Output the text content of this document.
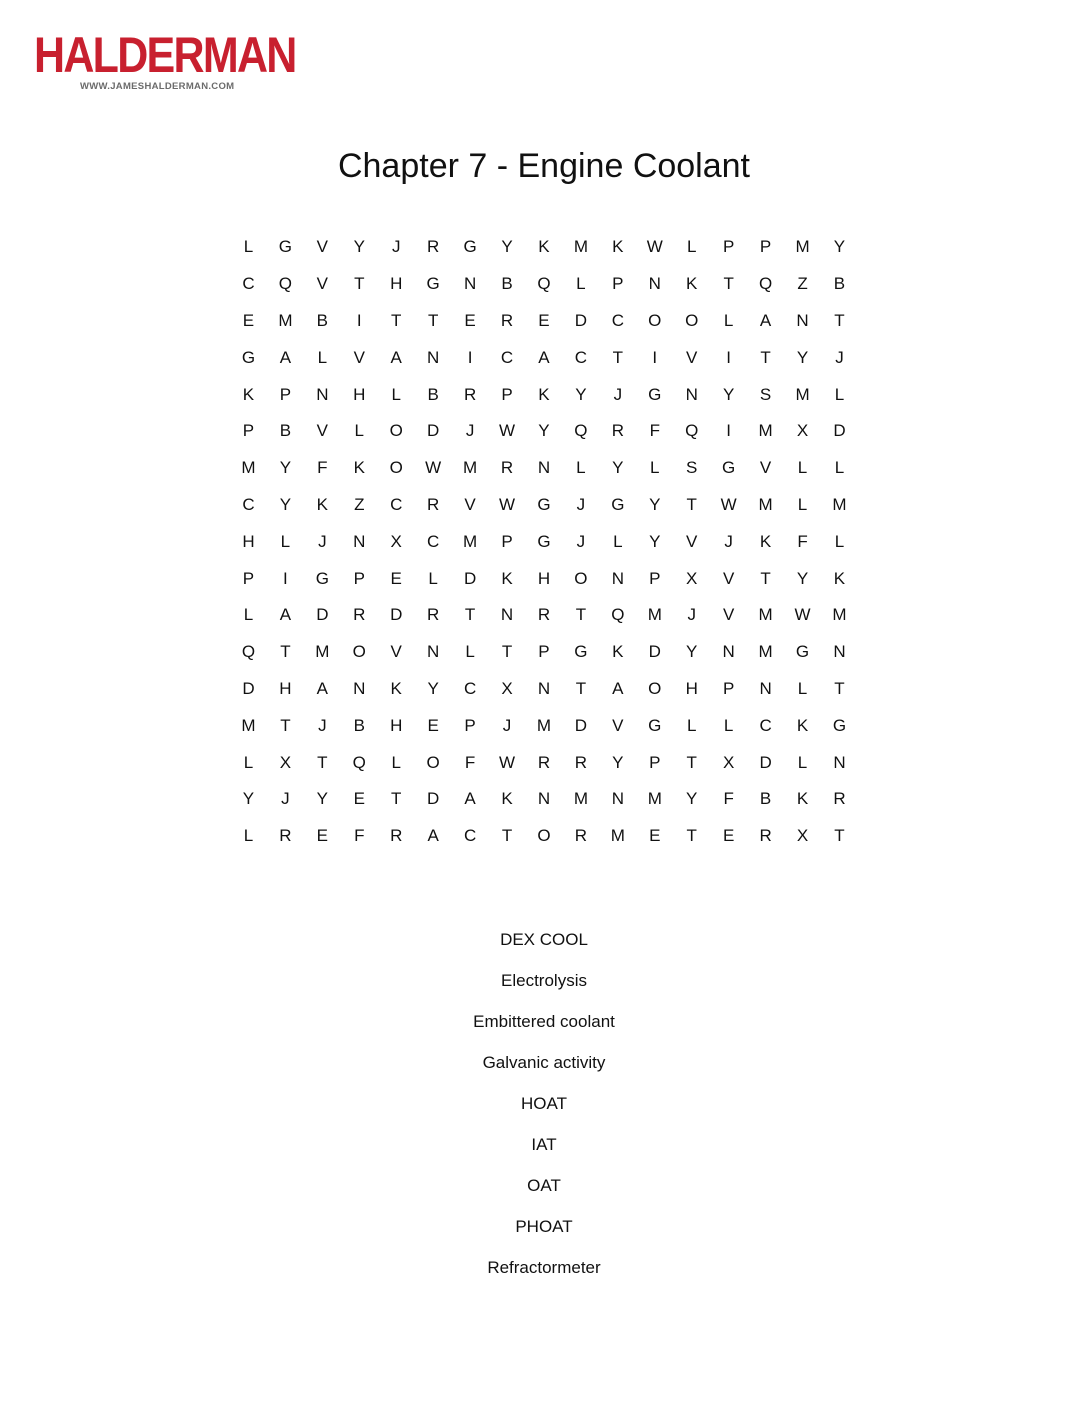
HALDERMAN
WWW.JAMESHALDERMAN.COM
Chapter 7 - Engine Coolant
L	G	V	Y	J	R	G	Y	K	M	K	W	L	P	P	M	Y
C	Q	V	T	H	G	N	B	Q	L	P	N	K	T	Q	Z	B
E	M	B	I	T	T	E	R	E	D	C	O	O	L	A	N	T
G	A	L	V	A	N	I	C	A	C	T	I	V	I	T	Y	J
K	P	N	H	L	B	R	P	K	Y	J	G	N	Y	S	M	L
P	B	V	L	O	D	J	W	Y	Q	R	F	Q	I	M	X	D
M	Y	F	K	O	W	M	R	N	L	Y	L	S	G	V	L	L
C	Y	K	Z	C	R	V	W	G	J	G	Y	T	W	M	L	M
H	L	J	N	X	C	M	P	G	J	L	Y	V	J	K	F	L
P	I	G	P	E	L	D	K	H	O	N	P	X	V	T	Y	K
L	A	D	R	D	R	T	N	R	T	Q	M	J	V	M	W	M
Q	T	M	O	V	N	L	T	P	G	K	D	Y	N	M	G	N
D	H	A	N	K	Y	C	X	N	T	A	O	H	P	N	L	T
M	T	J	B	H	E	P	J	M	D	V	G	L	L	C	K	G
L	X	T	Q	L	O	F	W	R	R	Y	P	T	X	D	L	N
Y	J	Y	E	T	D	A	K	N	M	N	M	Y	F	B	K	R
L	R	E	F	R	A	C	T	O	R	M	E	T	E	R	X	T
DEX COOL
Electrolysis
Embittered coolant
Galvanic activity
HOAT
IAT
OAT
PHOAT
Refractormeter
